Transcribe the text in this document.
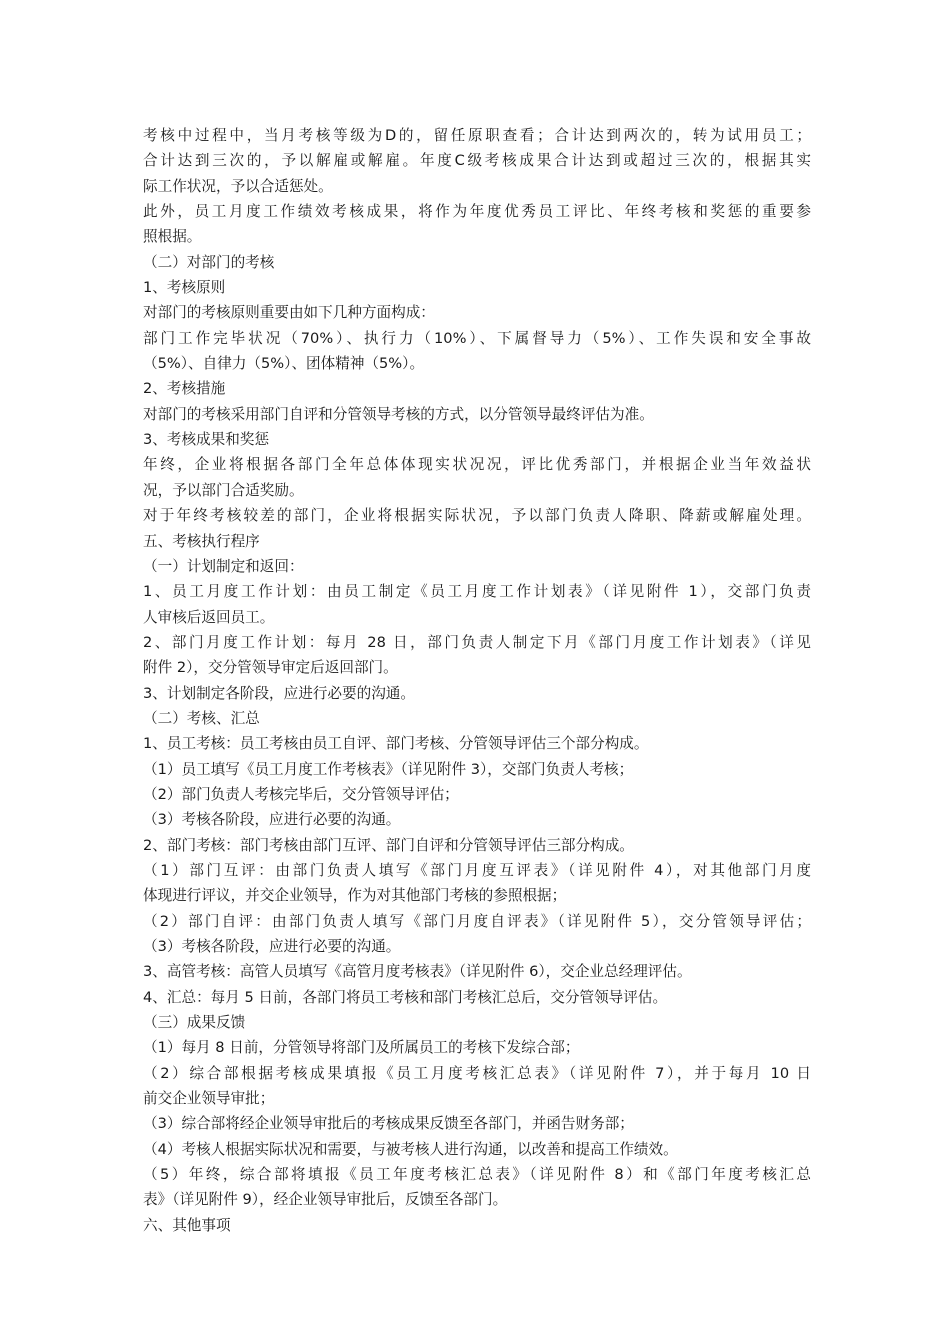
考核中过程中，当月考核等级为D的，留任原职查看；合计达到两次的，转为试用员工；
合计达到三次的，予以解雇或解雇。年度C级考核成果合计达到或超过三次的，根据其实
际工作状况，予以合适惩处。
此外，员工月度工作绩效考核成果，将作为年度优秀员工评比、年终考核和奖惩的重要参
照根据。
（二）对部门的考核
1、考核原则
对部门的考核原则重要由如下几种方面构成：
部门工作完毕状况（70%）、执行力（10%）、下属督导力（5%）、工作失误和安全事故
（5%）、自律力（5%）、团体精神（5%）。
2、考核措施
对部门的考核采用部门自评和分管领导考核的方式，以分管领导最终评估为准。
3、考核成果和奖惩
年终，企业将根据各部门全年总体体现实状况况，评比优秀部门，并根据企业当年效益状
况，予以部门合适奖励。
对于年终考核较差的部门，企业将根据实际状况，予以部门负责人降职、降薪或解雇处理。
五、考核执行程序
（一）计划制定和返回：
1、员工月度工作计划：由员工制定《员工月度工作计划表》（详见附件 1），交部门负责
人审核后返回员工。
2、部门月度工作计划：每月 28 日，部门负责人制定下月《部门月度工作计划表》（详见
附件 2），交分管领导审定后返回部门。
3、计划制定各阶段，应进行必要的沟通。
（二）考核、汇总
1、员工考核：员工考核由员工自评、部门考核、分管领导评估三个部分构成。
（1）员工填写《员工月度工作考核表》（详见附件 3），交部门负责人考核；
（2）部门负责人考核完毕后，交分管领导评估；
（3）考核各阶段，应进行必要的沟通。
2、部门考核：部门考核由部门互评、部门自评和分管领导评估三部分构成。
（1）部门互评：由部门负责人填写《部门月度互评表》（详见附件 4），对其他部门月度
体现进行评议，并交企业领导，作为对其他部门考核的参照根据；
（2）部门自评：由部门负责人填写《部门月度自评表》（详见附件 5），交分管领导评估；
（3）考核各阶段，应进行必要的沟通。
3、高管考核：高管人员填写《高管月度考核表》（详见附件 6），交企业总经理评估。
4、汇总：每月 5 日前，各部门将员工考核和部门考核汇总后，交分管领导评估。
（三）成果反馈
（1）每月 8 日前，分管领导将部门及所属员工的考核下发综合部；
（2）综合部根据考核成果填报《员工月度考核汇总表》（详见附件 7），并于每月 10 日
前交企业领导审批；
（3）综合部将经企业领导审批后的考核成果反馈至各部门，并函告财务部；
（4）考核人根据实际状况和需要，与被考核人进行沟通，以改善和提高工作绩效。
（5）年终，综合部将填报《员工年度考核汇总表》（详见附件 8）和《部门年度考核汇总
表》（详见附件 9），经企业领导审批后，反馈至各部门。
六、其他事项
